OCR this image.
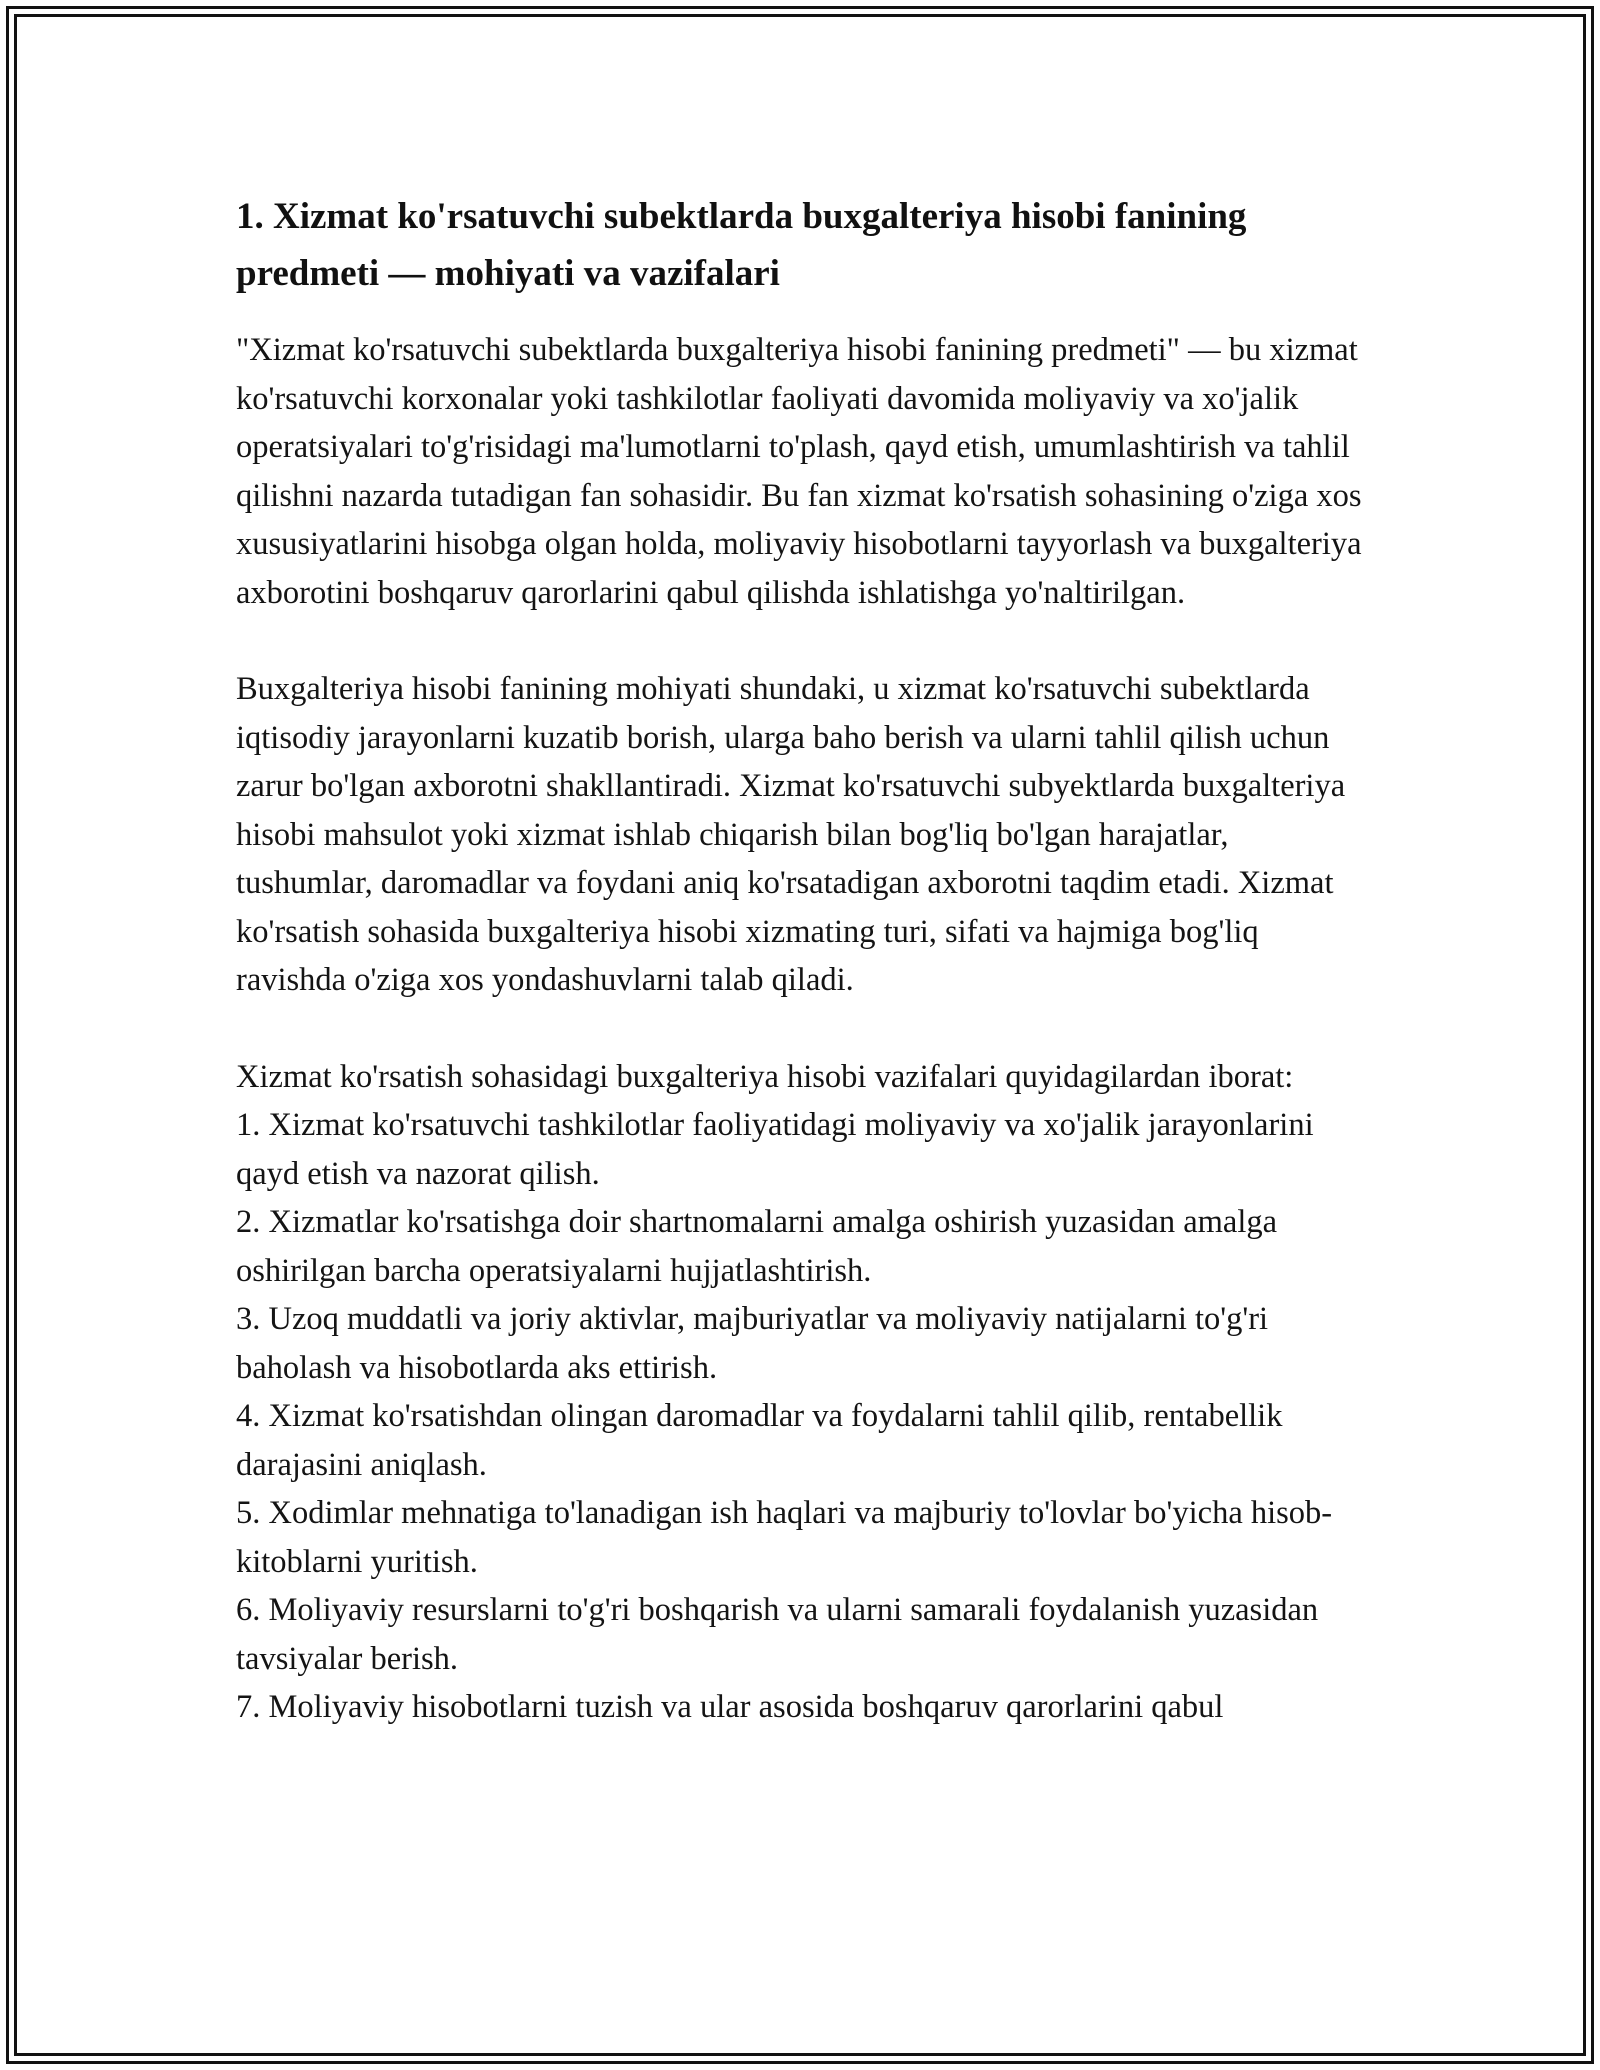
1. Xizmat ko'rsatuvchi subektlarda buxgalteriya hisobi fanining predmeti — mohiyati va vazifalari

"Xizmat ko'rsatuvchi subektlarda buxgalteriya hisobi fanining predmeti" — bu xizmat ko'rsatuvchi korxonalar yoki tashkilotlar faoliyati davomida moliyaviy va xo'jalik operatsiyalari to'g'risidagi ma'lumotlarni to'plash, qayd etish, umumlashtirish va tahlil qilishni nazarda tutadigan fan sohasidir. Bu fan xizmat ko'rsatish sohasining o'ziga xos xususiyatlarini hisobga olgan holda, moliyaviy hisobotlarni tayyorlash va buxgalteriya axborotini boshqaruv qarorlarini qabul qilishda ishlatishga yo'naltirilgan.

Buxgalteriya hisobi fanining mohiyati shundaki, u xizmat ko'rsatuvchi subektlarda iqtisodiy jarayonlarni kuzatib borish, ularga baho berish va ularni tahlil qilish uchun zarur bo'lgan axborotni shakllantiradi. Xizmat ko'rsatuvchi subyektlarda buxgalteriya hisobi mahsulot yoki xizmat ishlab chiqarish bilan bog'liq bo'lgan harajatlar, tushumlar, daromadlar va foydani aniq ko'rsatadigan axborotni taqdim etadi. Xizmat ko'rsatish sohasida buxgalteriya hisobi xizmating turi, sifati va hajmiga bog'liq ravishda o'ziga xos yondashuvlarni talab qiladi.

Xizmat ko'rsatish sohasidagi buxgalteriya hisobi vazifalari quyidagilardan iborat:

1. Xizmat ko'rsatuvchi tashkilotlar faoliyatidagi moliyaviy va xo'jalik jarayonlarini qayd etish va nazorat qilish.
2. Xizmatlar ko'rsatishga doir shartnomalarni amalga oshirish yuzasidan amalga oshirilgan barcha operatsiyalarni hujjatlashtirish.
3. Uzoq muddatli va joriy aktivlar, majburiyatlar va moliyaviy natijalarni to'g'ri baholash va hisobotlarda aks ettirish.
4. Xizmat ko'rsatishdan olingan daromadlar va foydalarni tahlil qilib, rentabellik darajasini aniqlash.
5. Xodimlar mehnatiga to'lanadigan ish haqlari va majburiy to'lovlar bo'yicha hisob-kitoblarni yuritish.
6. Moliyaviy resurslarni to'g'ri boshqarish va ularni samarali foydalanish yuzasidan tavsiyalar berish.
7. Moliyaviy hisobotlarni tuzish va ular asosida boshqaruv qarorlarini qabul
